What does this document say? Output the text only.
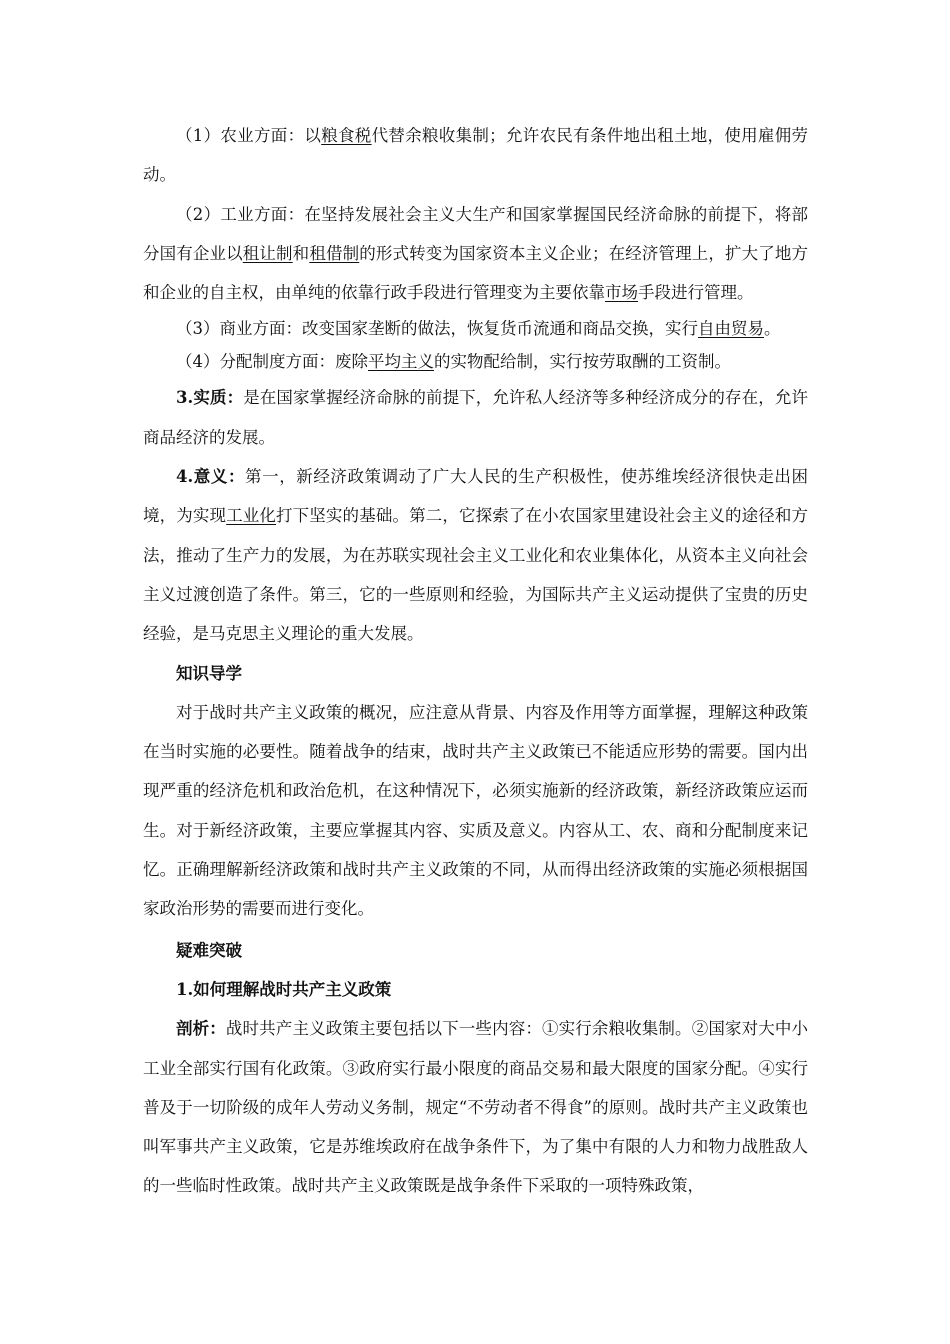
（1）农业方面：以粮食税代替余粮收集制；允许农民有条件地出租土地，使用雇佣劳动。

（2）工业方面：在坚持发展社会主义大生产和国家掌握国民经济命脉的前提下，将部分国有企业以租让制和租借制的形式转变为国家资本主义企业；在经济管理上，扩大了地方和企业的自主权，由单纯的依靠行政手段进行管理变为主要依靠市场手段进行管理。

（3）商业方面：改变国家垄断的做法，恢复货币流通和商品交换，实行自由贸易。

（4）分配制度方面：废除平均主义的实物配给制，实行按劳取酬的工资制。

3.实质：是在国家掌握经济命脉的前提下，允许私人经济等多种经济成分的存在，允许商品经济的发展。

4.意义：第一，新经济政策调动了广大人民的生产积极性，使苏维埃经济很快走出困境，为实现工业化打下坚实的基础。第二，它探索了在小农国家里建设社会主义的途径和方法，推动了生产力的发展，为在苏联实现社会主义工业化和农业集体化，从资本主义向社会主义过渡创造了条件。第三，它的一些原则和经验，为国际共产主义运动提供了宝贵的历史经验，是马克思主义理论的重大发展。

知识导学

对于战时共产主义政策的概况，应注意从背景、内容及作用等方面掌握，理解这种政策在当时实施的必要性。随着战争的结束，战时共产主义政策已不能适应形势的需要。国内出现严重的经济危机和政治危机，在这种情况下，必须实施新的经济政策，新经济政策应运而生。对于新经济政策，主要应掌握其内容、实质及意义。内容从工、农、商和分配制度来记忆。正确理解新经济政策和战时共产主义政策的不同，从而得出经济政策的实施必须根据国家政治形势的需要而进行变化。

疑难突破

1.如何理解战时共产主义政策

剖析：战时共产主义政策主要包括以下一些内容：①实行余粮收集制。②国家对大中小工业全部实行国有化政策。③政府实行最小限度的商品交易和最大限度的国家分配。④实行普及于一切阶级的成年人劳动义务制，规定“不劳动者不得食”的原则。战时共产主义政策也叫军事共产主义政策，它是苏维埃政府在战争条件下，为了集中有限的人力和物力战胜敌人的一些临时性政策。战时共产主义政策既是战争条件下采取的一项特殊政策，
